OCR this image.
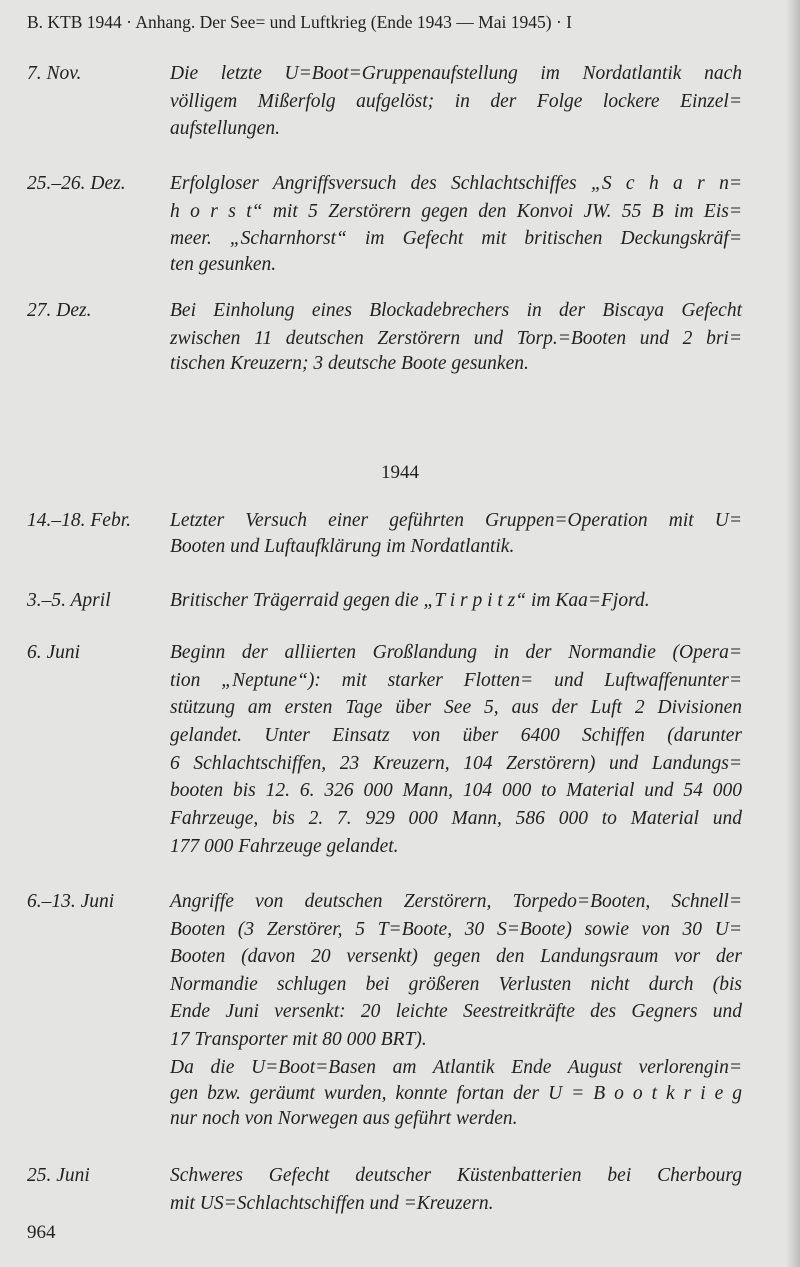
B. KTB 1944 · Anhang. Der See= und Luftkrieg (Ende 1943 — Mai 1945) · I
7. Nov.	Die letzte U=Boot=Gruppenaufstellung im Nordatlantik nach
völligem Mißerfolg aufgelöst; in der Folge lockere Einzel=
aufstellungen.
25.–26. Dez. Erfolgloser Angriffsversuch des Schlachtschiffes „S c h a r n=
h o r s t“ mit 5 Zerstörern gegen den Konvoi JW. 55 B im Eis=
meer. „Scharnhorst“ im Gefecht mit britischen Deckungskräf=
ten gesunken.
27. Dez.	Bei Einholung eines Blockadebrechers in der Biscaya Gefecht
zwischen 11 deutschen Zerstörern und Torp.=Booten und 2 bri=
tischen Kreuzern; 3 deutsche Boote gesunken.
14.–18. Febr. Letzter Versuch einer geführten Gruppen=Operation mit U=
Booten und Luftaufklärung im Nordatlantik.
3.–5. April	Britischer Trägerraid gegen die „T i r p i t z“ im Kaa=Fjord.
6. Juni	Beginn der alliierten Großlandung in der Normandie (Opera=
tion „Neptune“): mit starker Flotten= und Luftwaffenunter=
stützung am ersten Tage über See 5, aus der Luft 2 Divisionen
gelandet. Unter Einsatz von über 6400 Schiffen (darunter
6 Schlachtschiffen, 23 Kreuzern, 104 Zerstörern) und Landungs=
booten bis 12. 6. 326 000 Mann, 104 000 to Material und 54 000
Fahrzeuge, bis 2. 7. 929 000 Mann, 586 000 to Material und
177 000 Fahrzeuge gelandet.
6.–13. Juni	Angriffe von deutschen Zerstörern, Torpedo=Booten, Schnell=
Booten (3 Zerstörer, 5 T=Boote, 30 S=Boote) sowie von 30 U=
Booten (davon 20 versenkt) gegen den Landungsraum vor der
Normandie schlugen bei größeren Verlusten nicht durch (bis
Ende Juni versenkt: 20 leichte Seestreitkräfte des Gegners und
17 Transporter mit 80 000 BRT).
Da die U=Boot=Basen am Atlantik Ende August verlorengin=
gen bzw. geräumt wurden, konnte fortan der U = B o o t k r i e g
nur noch von Norwegen aus geführt werden.
25. Juni	Schweres Gefecht deutscher Küstenbatterien bei Cherbourg
mit US=Schlachtschiffen und =Kreuzern.
1944
964
